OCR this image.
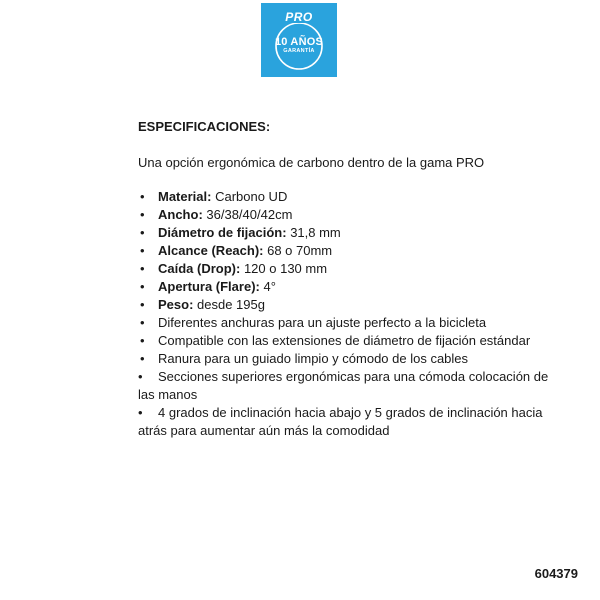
PRO
10 AÑOS
GARANTÍA

ESPECIFICACIONES:

Una opción ergonómica de carbono dentro de la gama PRO

• Material: Carbono UD
• Ancho: 36/38/40/42cm
• Diámetro de fijación: 31,8 mm
• Alcance (Reach): 68 o 70mm
• Caída (Drop): 120 o 130 mm
• Apertura (Flare): 4°
• Peso: desde 195g
• Diferentes anchuras para un ajuste perfecto a la bicicleta
• Compatible con las extensiones de diámetro de fijación estándar
• Ranura para un guiado limpio y cómodo de los cables
• Secciones superiores ergonómicas para una cómoda colocación de las manos
• 4 grados de inclinación hacia abajo y 5 grados de inclinación hacia atrás para aumentar aún más la comodidad
604379
